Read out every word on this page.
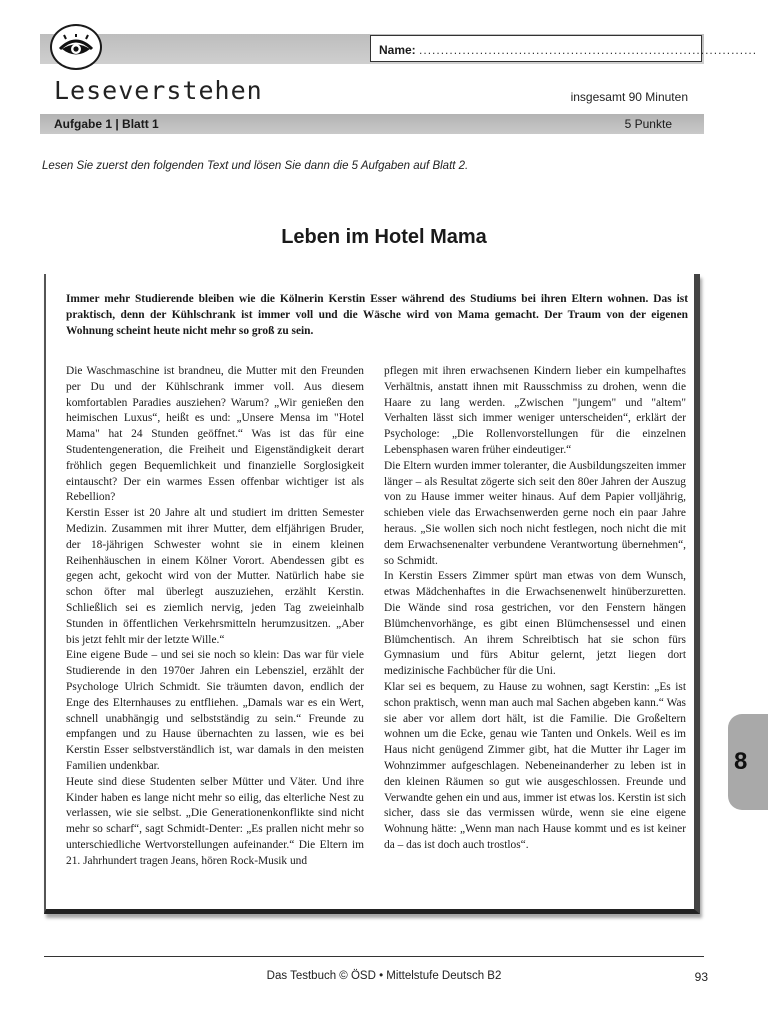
Name: ..............................................................................
Leseverstehen	insgesamt 90 Minuten
Aufgabe 1 | Blatt 1	5 Punkte
Lesen Sie zuerst den folgenden Text und lösen Sie dann die 5 Aufgaben auf Blatt 2.
Leben im Hotel Mama
Immer mehr Studierende bleiben wie die Kölnerin Kerstin Esser während des Studiums bei ihren Eltern wohnen. Das ist praktisch, denn der Kühlschrank ist immer voll und die Wäsche wird von Mama gemacht. Der Traum von der eigenen Wohnung scheint heute nicht mehr so groß zu sein.

Die Waschmaschine ist brandneu, die Mutter mit den Freunden per Du und der Kühlschrank immer voll. Aus diesem komfortablen Paradies ausziehen? Warum? „Wir genießen den heimischen Luxus“, heißt es und: „Unsere Mensa im "Hotel Mama" hat 24 Stunden geöffnet.“ Was ist das für eine Studentengeneration, die Freiheit und Eigenständigkeit derart fröhlich gegen Bequemlichkeit und finanzielle Sorglosigkeit eintauscht? Der ein warmes Essen offenbar wichtiger ist als Rebellion?

Kerstin Esser ist 20 Jahre alt und studiert im dritten Semester Medizin. Zusammen mit ihrer Mutter, dem elfjährigen Bruder, der 18-jährigen Schwester wohnt sie in einem kleinen Reihenhäuschen in einem Kölner Vorort. Abendessen gibt es gegen acht, gekocht wird von der Mutter. Natürlich habe sie schon öfter mal überlegt auszuziehen, erzählt Kerstin. Schließlich sei es ziemlich nervig, jeden Tag zweieinhalb Stunden in öffentlichen Verkehrsmitteln herumzusitzen. „Aber bis jetzt fehlt mir der letzte Wille.“

Eine eigene Bude – und sei sie noch so klein: Das war für viele Studierende in den 1970er Jahren ein Lebensziel, erzählt der Psychologe Ulrich Schmidt. Sie träumten davon, endlich der Enge des Elternhauses zu entfliehen. „Damals war es ein Wert, schnell unabhängig und selbstständig zu sein.“ Freunde zu empfangen und zu Hause übernachten zu lassen, wie es bei Kerstin Esser selbstverständlich ist, war damals in den meisten Familien undenkbar.

Heute sind diese Studenten selber Mütter und Väter. Und ihre Kinder haben es lange nicht mehr so eilig, das elterliche Nest zu verlassen, wie sie selbst. „Die Generationenkonflikte sind nicht mehr so scharf“, sagt Schmidt-Denter: „Es prallen nicht mehr so unterschiedliche Wertvorstellungen aufeinander.“ Die Eltern im 21. Jahrhundert tragen Jeans, hören Rock-Musik und

pflegen mit ihren erwachsenen Kindern lieber ein kumpelhaftes Verhältnis, anstatt ihnen mit Rausschmiss zu drohen, wenn die Haare zu lang werden. „Zwischen "jungem" und "altem" Verhalten lässt sich immer weniger unterscheiden“, erklärt der Psychologe: „Die Rollenvorstellungen für die einzelnen Lebensphasen waren früher eindeutiger.“

Die Eltern wurden immer toleranter, die Ausbildungszeiten immer länger – als Resultat zögerte sich seit den 80er Jahren der Auszug von zu Hause immer weiter hinaus. Auf dem Papier volljährig, schieben viele das Erwachsenwerden gerne noch ein paar Jahre heraus. „Sie wollen sich noch nicht festlegen, noch nicht die mit dem Erwachsenenalter verbundene Verantwortung übernehmen“, so Schmidt.

In Kerstin Essers Zimmer spürt man etwas von dem Wunsch, etwas Mädchenhaftes in die Erwachsenenwelt hinüberzuretten. Die Wände sind rosa gestrichen, vor den Fenstern hängen Blümchenvorhänge, es gibt einen Blümchensessel und einen Blümchentisch. An ihrem Schreibtisch hat sie schon fürs Gymnasium und fürs Abitur gelernt, jetzt liegen dort medizinische Fachbücher für die Uni.

Klar sei es bequem, zu Hause zu wohnen, sagt Kerstin: „Es ist schon praktisch, wenn man auch mal Sachen abgeben kann.“ Was sie aber vor allem dort hält, ist die Familie. Die Großeltern wohnen um die Ecke, genau wie Tanten und Onkels. Weil es im Haus nicht genügend Zimmer gibt, hat die Mutter ihr Lager im Wohnzimmer aufgeschlagen. Nebeneinanderher zu leben ist in den kleinen Räumen so gut wie ausgeschlossen. Freunde und Verwandte gehen ein und aus, immer ist etwas los. Kerstin ist sich sicher, dass sie das vermissen würde, wenn sie eine eigene Wohnung hätte: „Wenn man nach Hause kommt und es ist keiner da – das ist doch auch trostlos“.

8
Das Testbuch © ÖSD • Mittelstufe Deutsch B2	93
